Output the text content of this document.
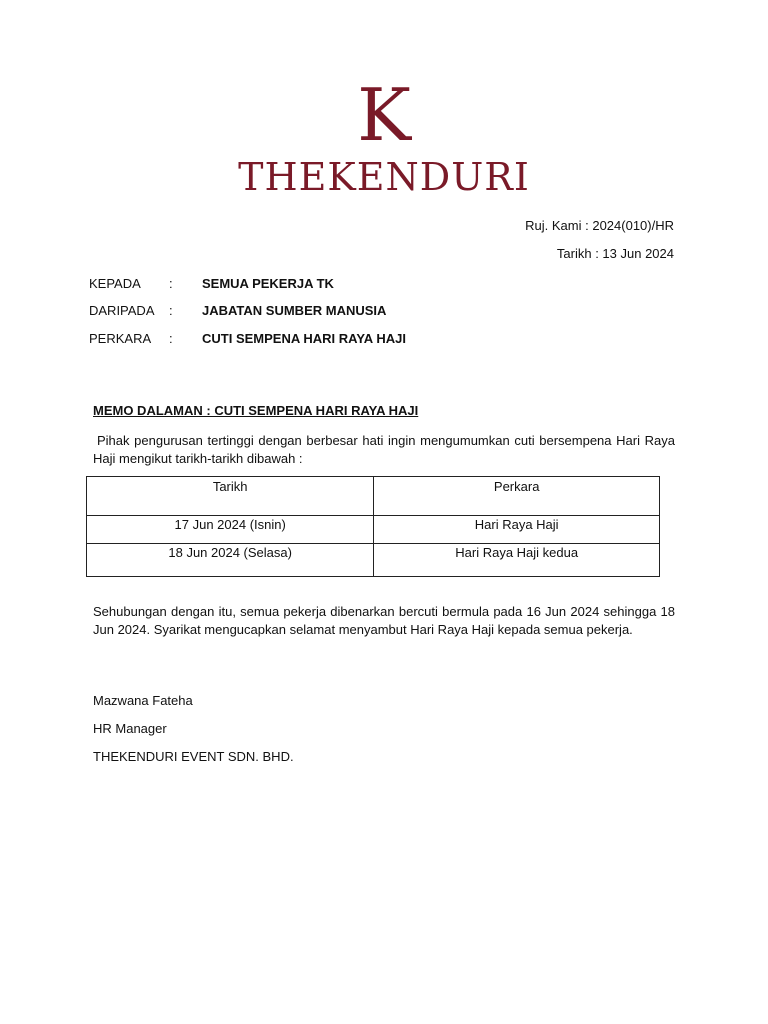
K
THEKENDURI
Ruj. Kami : 2024(010)/HR
Tarikh : 13 Jun 2024
KEPADA	:	SEMUA PEKERJA TK
DARIPADA	:	JABATAN SUMBER MANUSIA
PERKARA	:	CUTI SEMPENA HARI RAYA HAJI
MEMO DALAMAN : CUTI SEMPENA HARI RAYA HAJI
Pihak pengurusan tertinggi dengan berbesar hati ingin mengumumkan cuti bersempena Hari Raya Haji mengikut tarikh-tarikh dibawah :
Tarikh	Perkara
17 Jun 2024 (Isnin)	Hari Raya Haji
18 Jun 2024 (Selasa)	Hari Raya Haji kedua
Sehubungan dengan itu, semua pekerja dibenarkan bercuti bermula pada 16 Jun 2024 sehingga 18 Jun 2024. Syarikat mengucapkan selamat menyambut Hari Raya Haji kepada semua pekerja.
Mazwana Fateha
HR Manager
THEKENDURI EVENT SDN. BHD.
